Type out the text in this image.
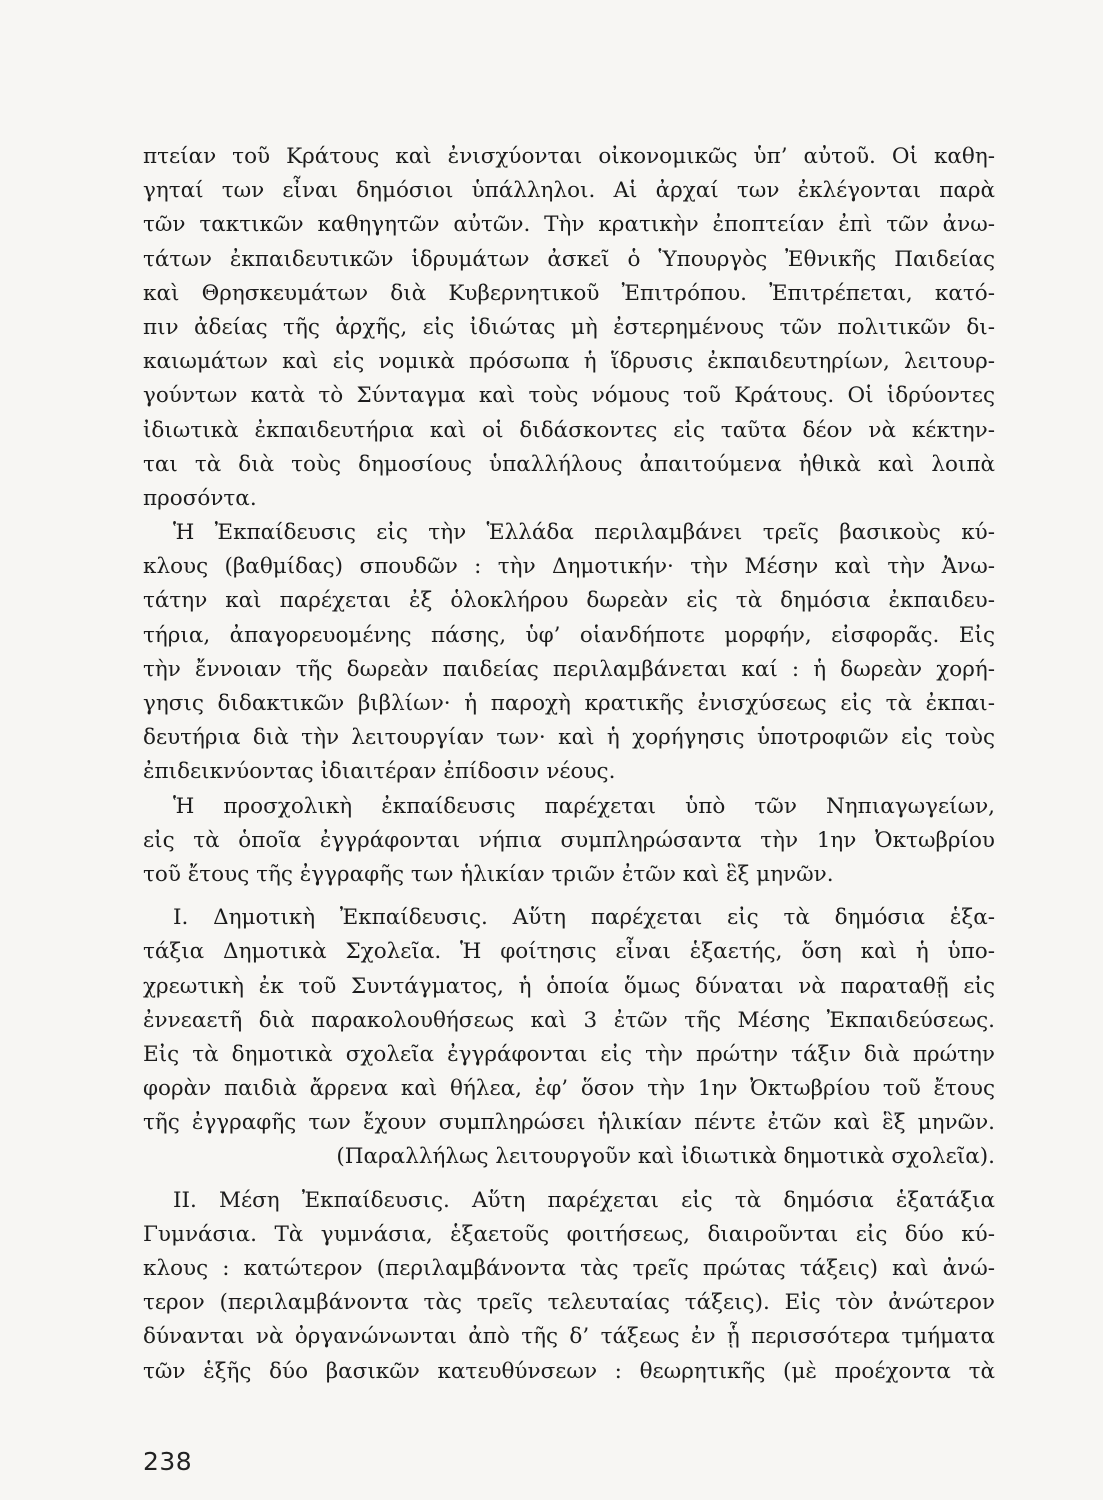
πτείαν τοῦ Κράτους καὶ ἐνισχύονται οἰκονομικῶς ὑπ’ αὐτοῦ. Οἱ καθη-
γηταί των εἶναι δημόσιοι ὑπάλληλοι. Αἱ ἀρχαί των ἐκλέγονται παρὰ
τῶν τακτικῶν καθηγητῶν αὐτῶν. Τὴν κρατικὴν ἐποπτείαν ἐπὶ τῶν ἀνω-
τάτων ἐκπαιδευτικῶν ἱδρυμάτων ἀσκεῖ ὁ Ὑπουργὸς Ἐθνικῆς Παιδείας
καὶ Θρησκευμάτων διὰ Κυβερνητικοῦ Ἐπιτρόπου. Ἐπιτρέπεται, κατό-
πιν ἀδείας τῆς ἀρχῆς, εἰς ἰδιώτας μὴ ἐστερημένους τῶν πολιτικῶν δι-
καιωμάτων καὶ εἰς νομικὰ πρόσωπα ἡ ἵδρυσις ἐκπαιδευτηρίων, λειτουρ-
γούντων κατὰ τὸ Σύνταγμα καὶ τοὺς νόμους τοῦ Κράτους. Οἱ ἱδρύοντες
ἰδιωτικὰ ἐκπαιδευτήρια καὶ οἱ διδάσκοντες εἰς ταῦτα δέον νὰ κέκτην-
ται τὰ διὰ τοὺς δημοσίους ὑπαλλήλους ἀπαιτούμενα ἠθικὰ καὶ λοιπὰ
προσόντα.
Ἡ Ἐκπαίδευσις εἰς τὴν Ἑλλάδα περιλαμβάνει τρεῖς βασικοὺς κύ-
κλους (βαθμίδας) σπουδῶν : τὴν Δημοτικήν· τὴν Μέσην καὶ τὴν Ἀνω-
τάτην καὶ παρέχεται ἐξ ὁλοκλήρου δωρεὰν εἰς τὰ δημόσια ἐκπαιδευ-
τήρια, ἀπαγορευομένης πάσης, ὑφ’ οἱανδήποτε μορφήν, εἰσφορᾶς. Εἰς
τὴν ἔννοιαν τῆς δωρεὰν παιδείας περιλαμβάνεται καί : ἡ δωρεὰν χορή-
γησις διδακτικῶν βιβλίων· ἡ παροχὴ κρατικῆς ἐνισχύσεως εἰς τὰ ἐκπαι-
δευτήρια διὰ τὴν λειτουργίαν των· καὶ ἡ χορήγησις ὑποτροφιῶν εἰς τοὺς
ἐπιδεικνύοντας ἰδιαιτέραν ἐπίδοσιν νέους.
Ἡ προσχολικὴ ἐκπαίδευσις παρέχεται ὑπὸ τῶν Νηπιαγωγείων,
εἰς τὰ ὁποῖα ἐγγράφονται νήπια συμπληρώσαντα τὴν 1ην Ὀκτωβρίου
τοῦ ἔτους τῆς ἐγγραφῆς των ἡλικίαν τριῶν ἐτῶν καὶ ἓξ μηνῶν.
I. Δημοτικὴ Ἐκπαίδευσις. Αὕτη παρέχεται εἰς τὰ δημόσια ἑξα-
τάξια Δημοτικὰ Σχολεῖα. Ἡ φοίτησις εἶναι ἑξαετής, ὅση καὶ ἡ ὑπο-
χρεωτικὴ ἐκ τοῦ Συντάγματος, ἡ ὁποία ὅμως δύναται νὰ παραταθῇ εἰς
ἐννεαετῆ διὰ παρακολουθήσεως καὶ 3 ἐτῶν τῆς Μέσης Ἐκπαιδεύσεως.
Εἰς τὰ δημοτικὰ σχολεῖα ἐγγράφονται εἰς τὴν πρώτην τάξιν διὰ πρώτην
φορὰν παιδιὰ ἄρρενα καὶ θήλεα, ἐφ’ ὅσον τὴν 1ην Ὀκτωβρίου τοῦ ἔτους
τῆς ἐγγραφῆς των ἔχουν συμπληρώσει ἡλικίαν πέντε ἐτῶν καὶ ἓξ μηνῶν.
(Παραλλήλως λειτουργοῦν καὶ ἰδιωτικὰ δημοτικὰ σχολεῖα).
II. Μέση Ἐκπαίδευσις. Αὕτη παρέχεται εἰς τὰ δημόσια ἑξατάξια
Γυμνάσια. Τὰ γυμνάσια, ἑξαετοῦς φοιτήσεως, διαιροῦνται εἰς δύο κύ-
κλους : κατώτερον (περιλαμβάνοντα τὰς τρεῖς πρώτας τάξεις) καὶ ἀνώ-
τερον (περιλαμβάνοντα τὰς τρεῖς τελευταίας τάξεις). Εἰς τὸν ἀνώτερον
δύνανται νὰ ὀργανώνωνται ἀπὸ τῆς δ’ τάξεως ἐν ᾗ περισσότερα τμήματα
τῶν ἑξῆς δύο βασικῶν κατευθύνσεων : θεωρητικῆς (μὲ προέχοντα τὰ
238
